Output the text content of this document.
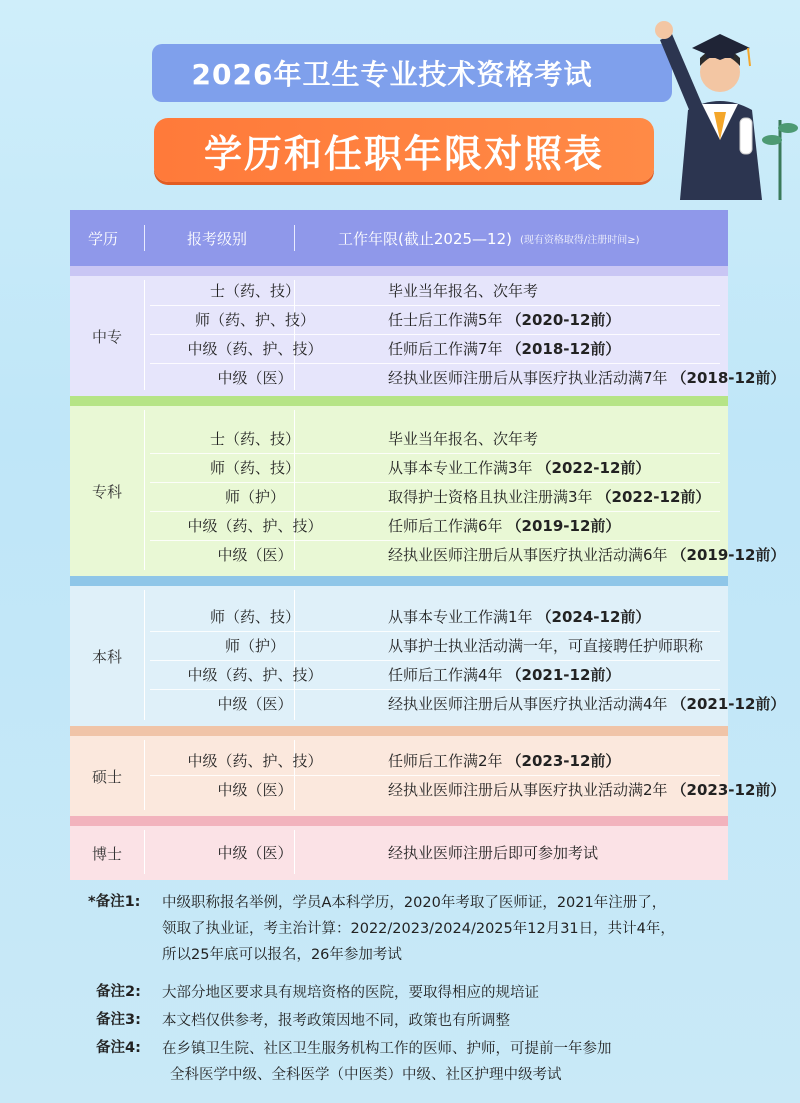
2026年卫生专业技术资格考试
学历和任职年限对照表
学历	报考级别	工作年限(截止2025—12) (现有资格取得/注册时间≥)
中专
士（药、技）	毕业当年报名、次年考
师（药、护、技）	任士后工作满5年 （2020-12前）
中级（药、护、技）	任师后工作满7年 （2018-12前）
中级（医）	经执业医师注册后从事医疗执业活动满7年 （2018-12前）
专科
士（药、技）	毕业当年报名、次年考
师（药、技）	从事本专业工作满3年 （2022-12前）
师（护）	取得护士资格且执业注册满3年 （2022-12前）
中级（药、护、技）	任师后工作满6年 （2019-12前）
中级（医）	经执业医师注册后从事医疗执业活动满6年 （2019-12前）
本科
师（药、技）	从事本专业工作满1年 （2024-12前）
师（护）	从事护士执业活动满一年，可直接聘任护师职称
中级（药、护、技）	任师后工作满4年 （2021-12前）
中级（医）	经执业医师注册后从事医疗执业活动满4年 （2021-12前）
硕士
中级（药、护、技）	任师后工作满2年 （2023-12前）
中级（医）	经执业医师注册后从事医疗执业活动满2年 （2023-12前）
博士	中级（医）	经执业医师注册后即可参加考试
*备注1:	中级职称报名举例，学员A本科学历，2020年考取了医师证，2021年注册了，
领取了执业证，考主治计算：2022/2023/2024/2025年12月31日，共计4年，
所以25年底可以报名，26年参加考试
备注2:	大部分地区要求具有规培资格的医院，要取得相应的规培证
备注3:	本文档仅供参考，报考政策因地不同，政策也有所调整
备注4:	在乡镇卫生院、社区卫生服务机构工作的医师、护师，可提前一年参加
全科医学中级、全科医学（中医类）中级、社区护理中级考试
